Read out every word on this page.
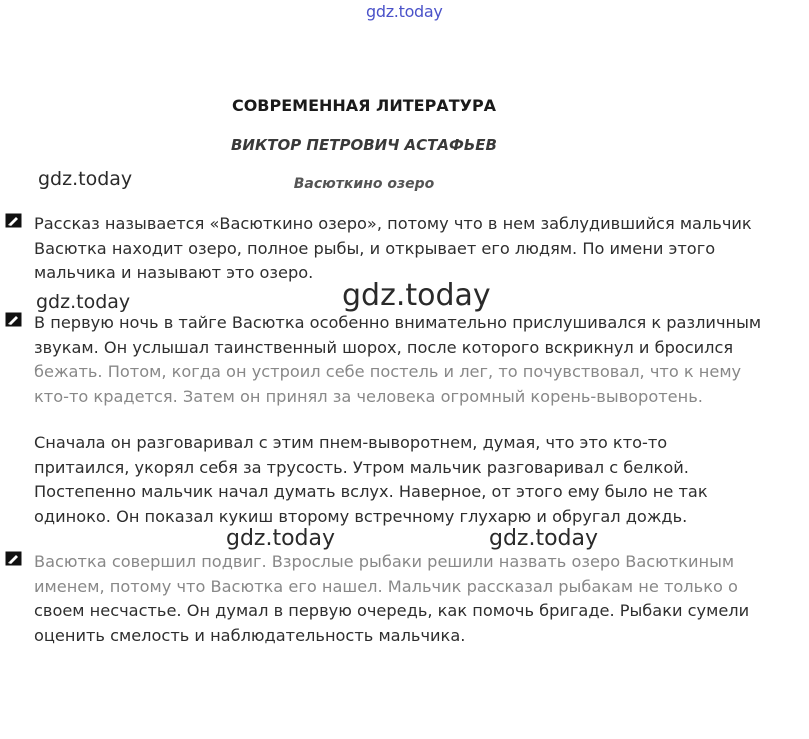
gdz.today
СОВРЕМЕННАЯ ЛИТЕРАТУРА
ВИКТОР ПЕТРОВИЧ АСТАФЬЕВ
Васюткино озеро
Рассказ называется «Васюткино озеро», потому что в нем заблудившийся мальчик
Васютка находит озеро, полное рыбы, и открывает его людям. По имени этого
мальчика и называют это озеро.
В первую ночь в тайге Васютка особенно внимательно прислушивался к различным
звукам. Он услышал таинственный шорох, после которого вскрикнул и бросился
бежать. Потом, когда он устроил себе постель и лег, то почувствовал, что к нему
кто-то крадется. Затем он принял за человека огромный корень-выворотень.
Сначала он разговаривал с этим пнем-выворотнем, думая, что это кто-то
притаился, укорял себя за трусость. Утром мальчик разговаривал с белкой.
Постепенно мальчик начал думать вслух. Наверное, от этого ему было не так
одиноко. Он показал кукиш второму встречному глухарю и обругал дождь.
Васютка совершил подвиг. Взрослые рыбаки решили назвать озеро Васюткиным
именем, потому что Васютка его нашел. Мальчик рассказал рыбакам не только о
своем несчастье. Он думал в первую очередь, как помочь бригаде. Рыбаки сумели
оценить смелость и наблюдательность мальчика.
gdz.today
gdz.today	gdz.today
gdz.today	gdz.today
